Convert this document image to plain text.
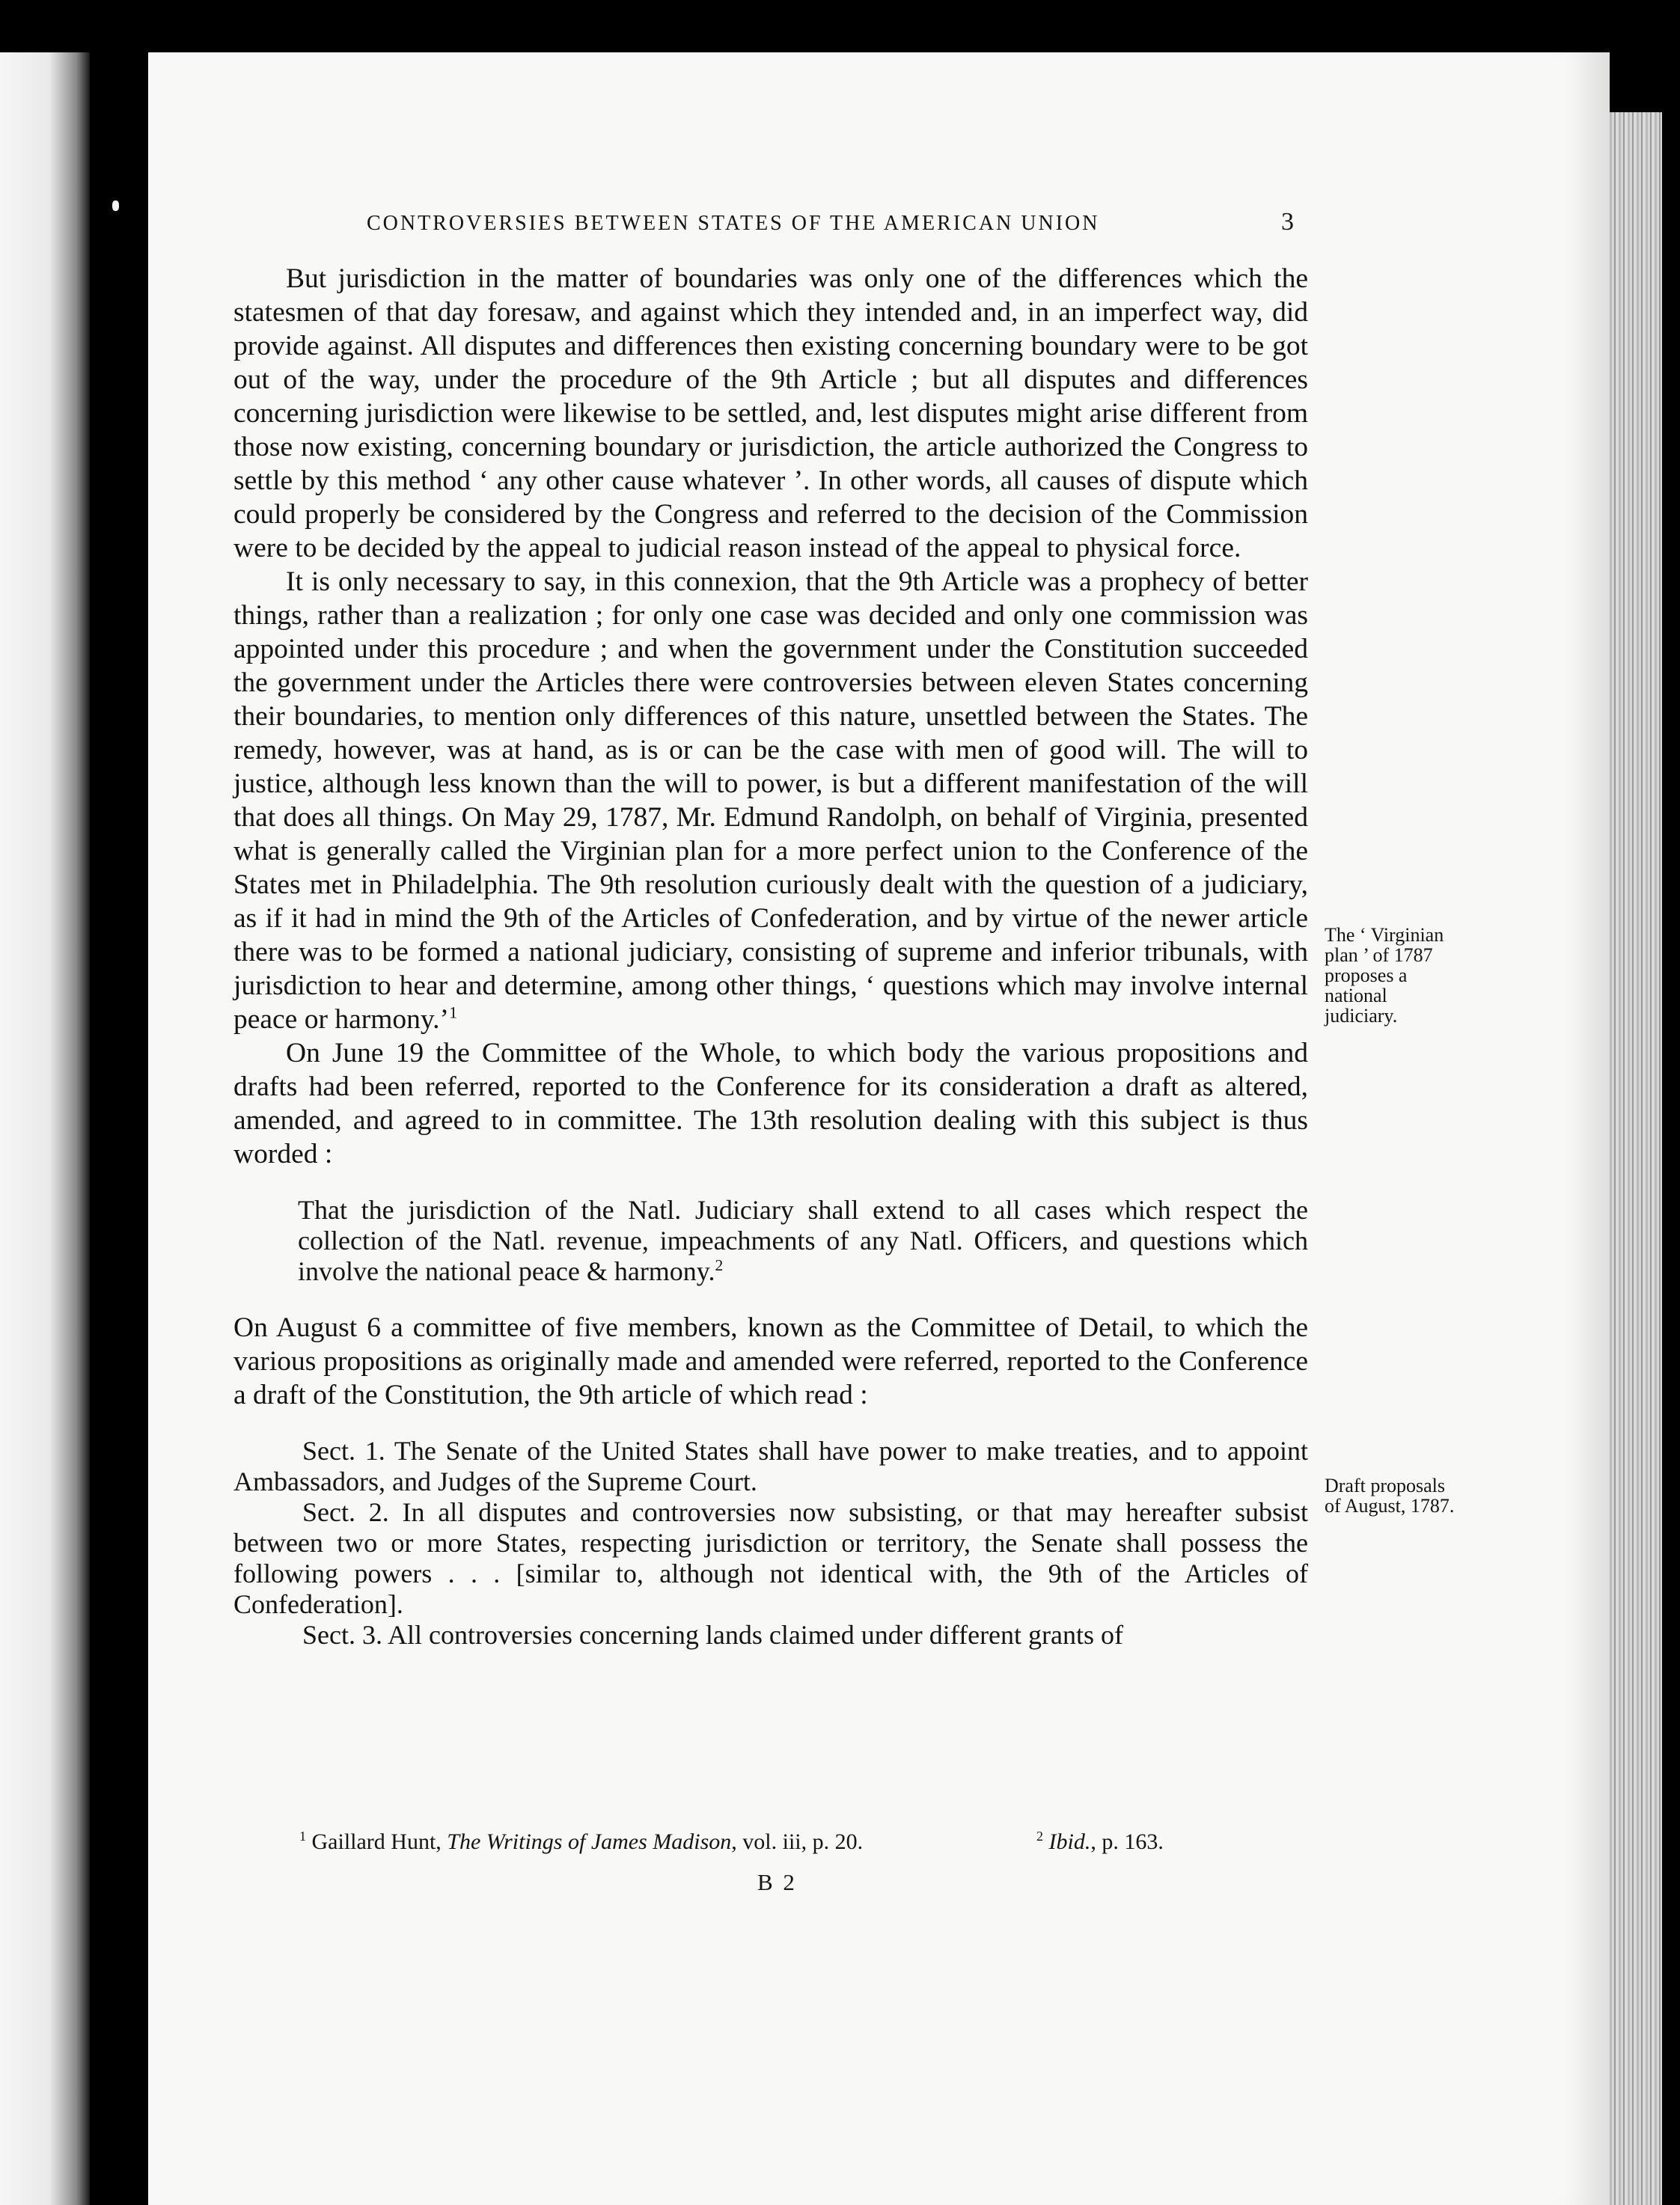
CONTROVERSIES BETWEEN STATES OF THE AMERICAN UNION	3

But jurisdiction in the matter of boundaries was only one of the differences which the statesmen of that day foresaw, and against which they intended and, in an imperfect way, did provide against. All disputes and differences then existing concerning boundary were to be got out of the way, under the procedure of the 9th Article ; but all disputes and differences concerning jurisdiction were likewise to be settled, and, lest disputes might arise different from those now existing, concerning boundary or jurisdiction, the article authorized the Congress to settle by this method ‘ any other cause whatever ’. In other words, all causes of dispute which could properly be considered by the Congress and referred to the decision of the Commission were to be decided by the appeal to judicial reason instead of the appeal to physical force.

It is only necessary to say, in this connexion, that the 9th Article was a prophecy of better things, rather than a realization ; for only one case was decided and only one commission was appointed under this procedure ; and when the government under the Constitution succeeded the government under the Articles there were controversies between eleven States concerning their boundaries, to mention only differences of this nature, unsettled between the States. The remedy, however, was at hand, as is or can be the case with men of good will. The will to justice, although less known than the will to power, is but a different manifestation of the will that does all things. On May 29, 1787, Mr. Edmund Randolph, on behalf of Virginia, presented what is generally called the Virginian plan for a more perfect union to the Conference of the States met in Philadelphia. The 9th resolution curiously dealt with the question of a judiciary, as if it had in mind the 9th of the Articles of Confederation, and by virtue of the newer article there was to be formed a national judiciary, consisting of supreme and inferior tribunals, with jurisdiction to hear and determine, among other things, ‘ questions which may involve internal peace or harmony.’$^1$

On June 19 the Committee of the Whole, to which body the various propositions and drafts had been referred, reported to the Conference for its consideration a draft as altered, amended, and agreed to in committee. The 13th resolution dealing with this subject is thus worded :

That the jurisdiction of the Natl. Judiciary shall extend to all cases which respect the collection of the Natl. revenue, impeachments of any Natl. Officers, and questions which involve the national peace & harmony.$^2$

On August 6 a committee of five members, known as the Committee of Detail, to which the various propositions as originally made and amended were referred, reported to the Conference a draft of the Constitution, the 9th article of which read :

Sect. 1. The Senate of the United States shall have power to make treaties, and to appoint Ambassadors, and Judges of the Supreme Court.

Sect. 2. In all disputes and controversies now subsisting, or that may hereafter subsist between two or more States, respecting jurisdiction or territory, the Senate shall possess the following powers . . . [similar to, although not identical with, the 9th of the Articles of Confederation].

Sect. 3. All controversies concerning lands claimed under different grants of

The ‘ Virginian plan ’ of 1787 proposes a national judiciary.
Draft proposals of August, 1787.
$^1$ Gaillard Hunt, The Writings of James Madison, vol. iii, p. 20.	$^2$ Ibid., p. 163.
B 2
